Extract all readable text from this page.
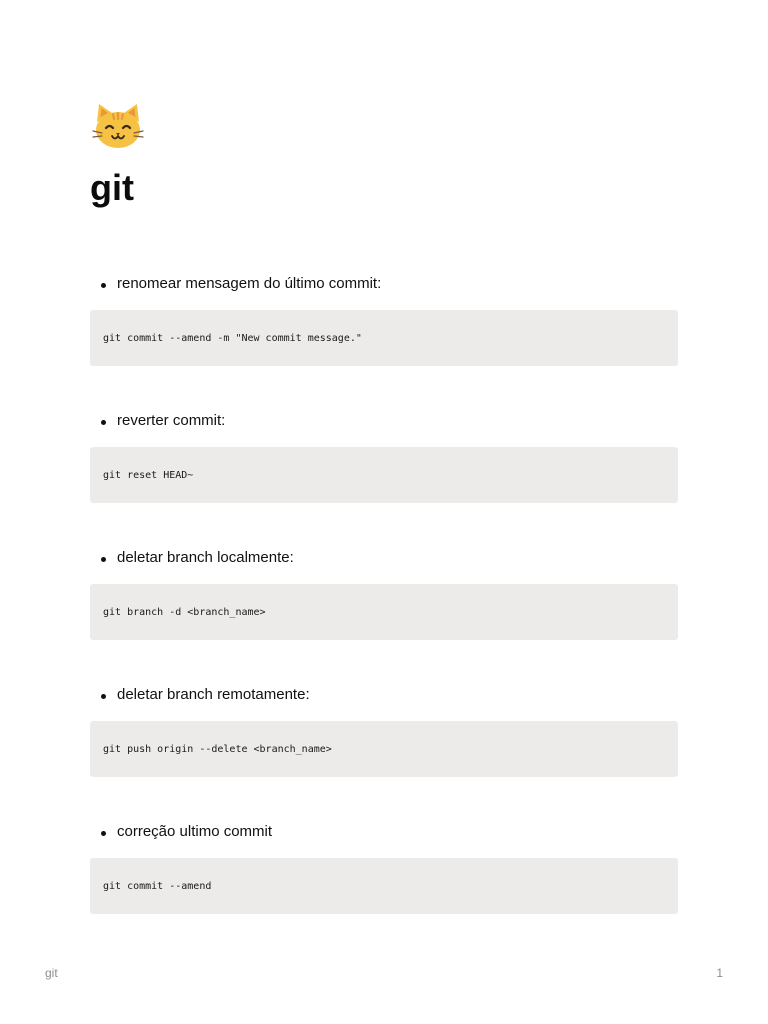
git
renomear mensagem do último commit:
git commit --amend -m "New commit message."
reverter commit:
git reset HEAD~
deletar branch localmente:
git branch -d <branch_name>
deletar branch remotamente:
git push origin --delete <branch_name>
correção ultimo commit
git commit --amend
git	1
